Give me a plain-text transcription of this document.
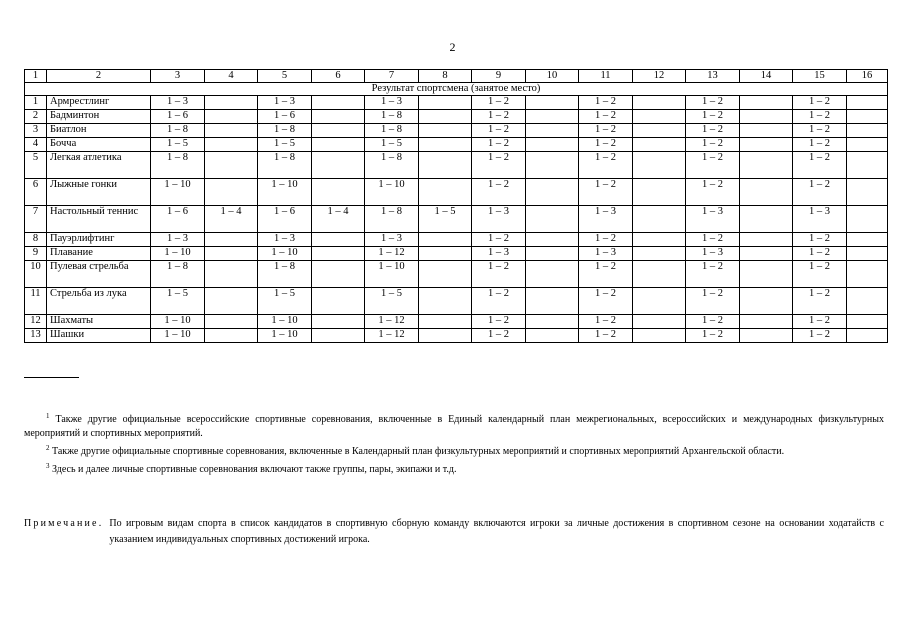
2
1	2	3	4	5	6	7	8	9	10	11	12	13	14	15	16
Результат спортсмена (занятое место)															
1	Армрестлинг	1 – 3		1 – 3		1 – 3		1 – 2		1 – 2		1 – 2		1 – 2	
2	Бадминтон	1 – 6		1 – 6		1 – 8		1 – 2		1 – 2		1 – 2		1 – 2	
3	Биатлон	1 – 8		1 – 8		1 – 8		1 – 2		1 – 2		1 – 2		1 – 2	
4	Бочча	1 – 5		1 – 5		1 – 5		1 – 2		1 – 2		1 – 2		1 – 2	
5	Легкая атлетика	1 – 8		1 – 8		1 – 8		1 – 2		1 – 2		1 – 2		1 – 2	
6	Лыжные гонки	1 – 10		1 – 10		1 – 10		1 – 2		1 – 2		1 – 2		1 – 2	
7	Настольный теннис	1 – 6	1 – 4	1 – 6	1 – 4	1 – 8	1 – 5	1 – 3		1 – 3		1 – 3		1 – 3	
8	Пауэрлифтинг	1 – 3		1 – 3		1 – 3		1 – 2		1 – 2		1 – 2		1 – 2	
9	Плавание	1 – 10		1 – 10		1 – 12		1 – 3		1 – 3		1 – 3		1 – 2	
10	Пулевая стрельба	1 – 8		1 – 8		1 – 10		1 – 2		1 – 2		1 – 2		1 – 2	
11	Стрельба из лука	1 – 5		1 – 5		1 – 5		1 – 2		1 – 2		1 – 2		1 – 2	
12	Шахматы	1 – 10		1 – 10		1 – 12		1 – 2		1 – 2		1 – 2		1 – 2	
13	Шашки	1 – 10		1 – 10		1 – 12		1 – 2		1 – 2		1 – 2		1 – 2	

$^1$ Также другие официальные всероссийские спортивные соревнования, включенные в Единый календарный план межрегиональных, всероссийских и международных физкультурных мероприятий и спортивных мероприятий.

$^2$ Также другие официальные спортивные соревнования, включенные в Календарный план физкультурных мероприятий и спортивных мероприятий Архангельской области.

$^3$ Здесь и далее личные спортивные соревнования включают также группы, пары, экипажи и т.д.

Примечание. По игровым видам спорта в список кандидатов в спортивную сборную команду включаются игроки за личные достижения в спортивном сезоне на основании ходатайств с указанием индивидуальных спортивных достижений игрока.
